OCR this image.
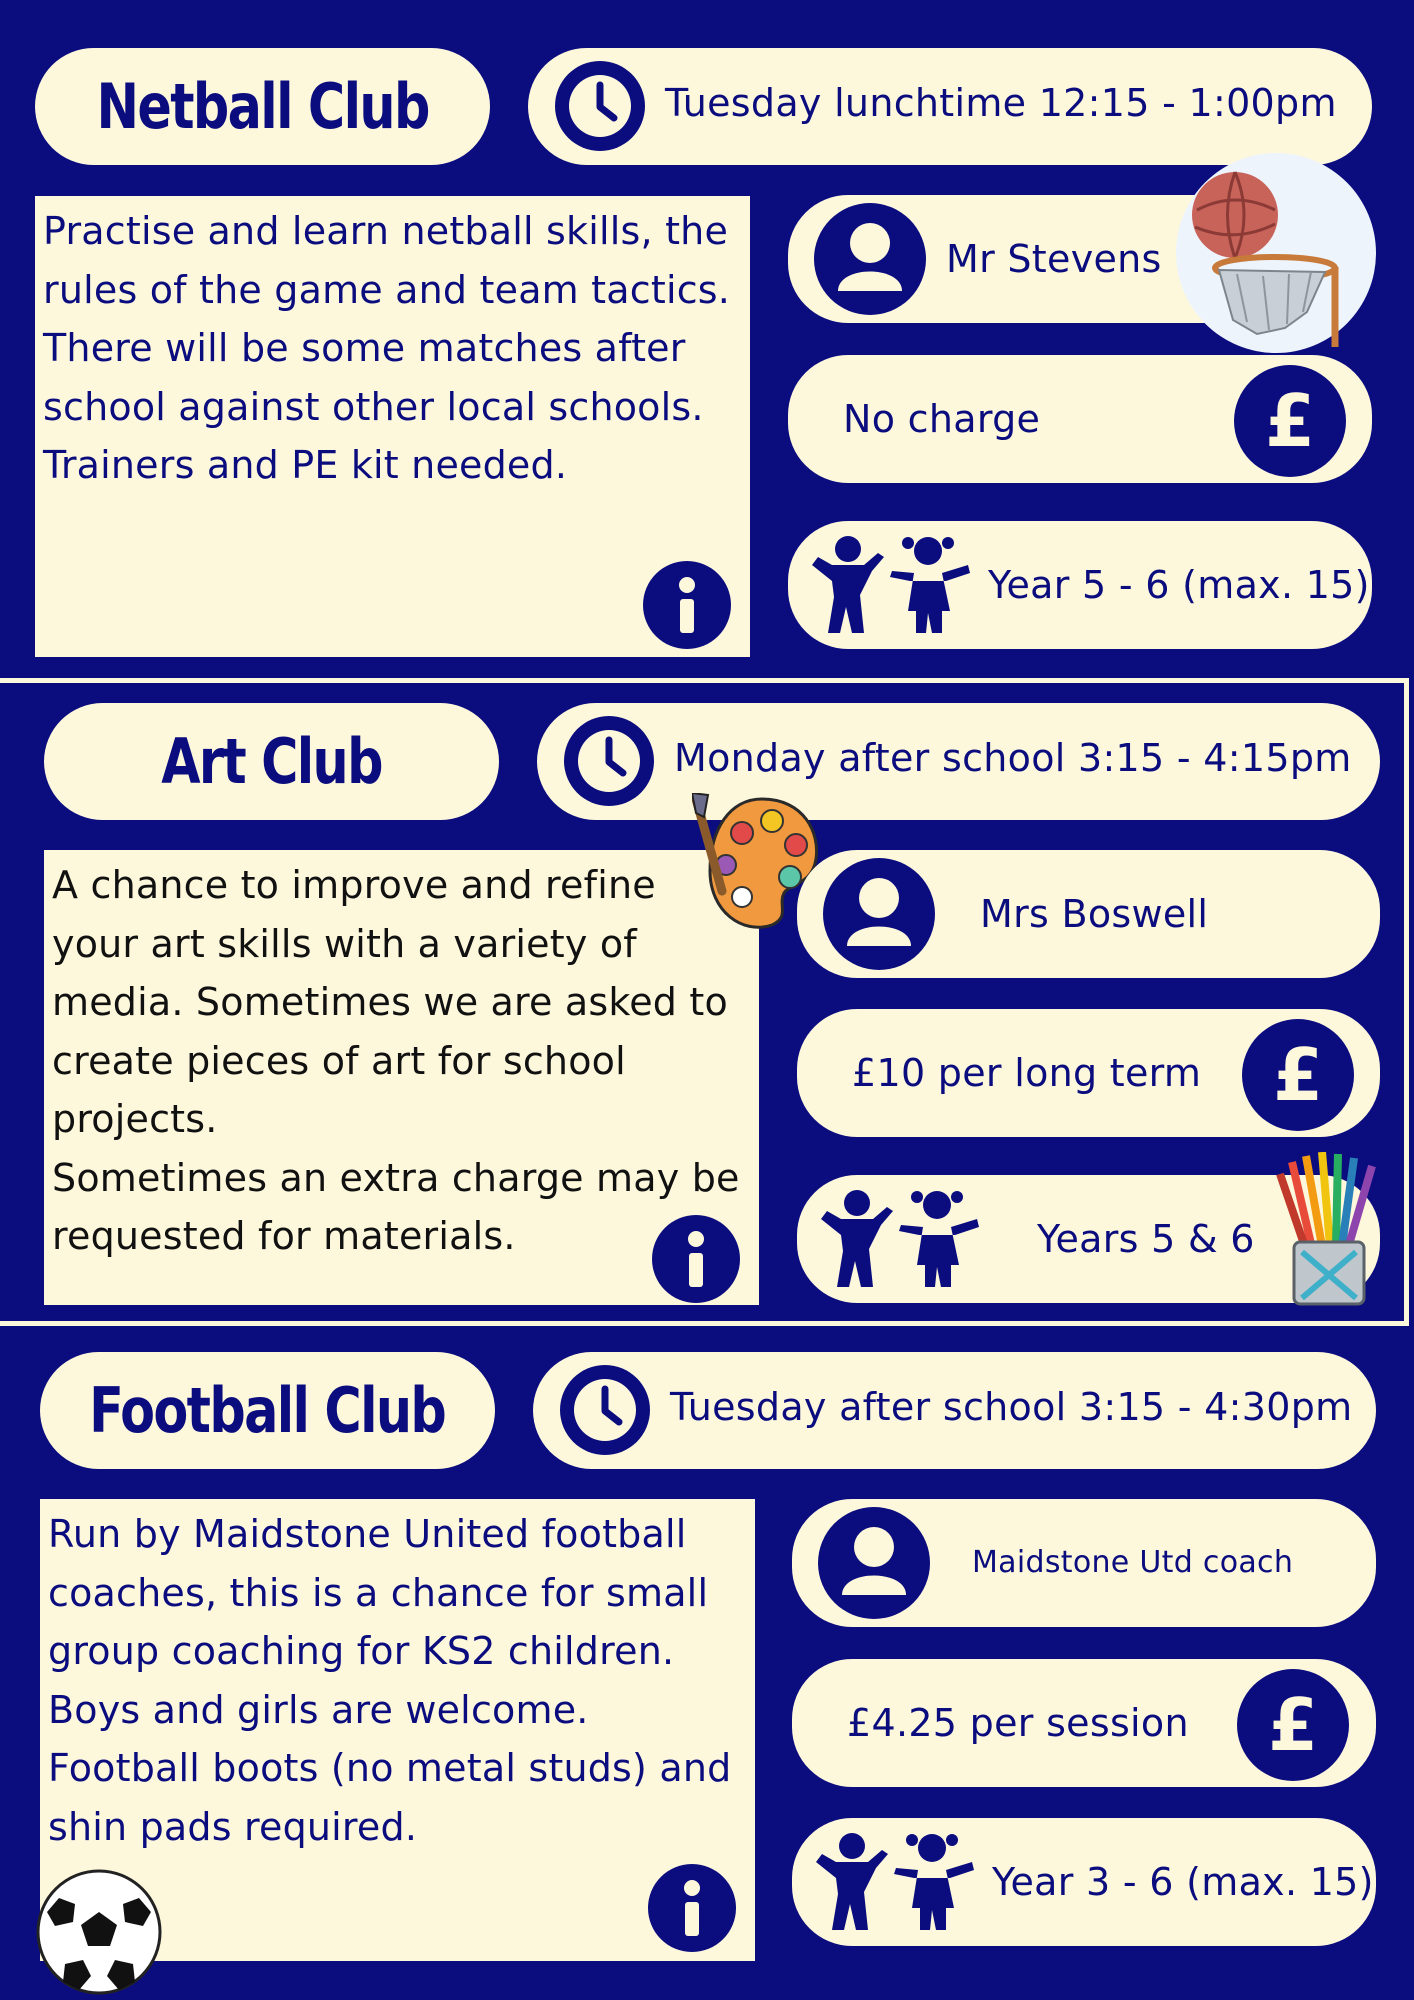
Netball Club	Tuesday lunchtime 12:15 - 1:00pm
Practise and learn netball skills, the rules of the game and team tactics. There will be some matches after school against other local schools. Trainers and PE kit needed.
Mr Stevens
No charge	£
Year 5 - 6 (max. 15)
Art Club	Monday after school 3:15 - 4:15pm
A chance to improve and refine your art skills with a variety of media. Sometimes we are asked to create pieces of art for school projects.
Sometimes an extra charge may be requested for materials.
Mrs Boswell
£10 per long term £
Years 5 & 6
Football Club	Tuesday after school 3:15 - 4:30pm
Run by Maidstone United football coaches, this is a chance for small group coaching for KS2 children. Boys and girls are welcome. Football boots (no metal studs) and shin pads required.
Maidstone Utd coach
£4.25 per session £
Year 3 - 6 (max. 15)
